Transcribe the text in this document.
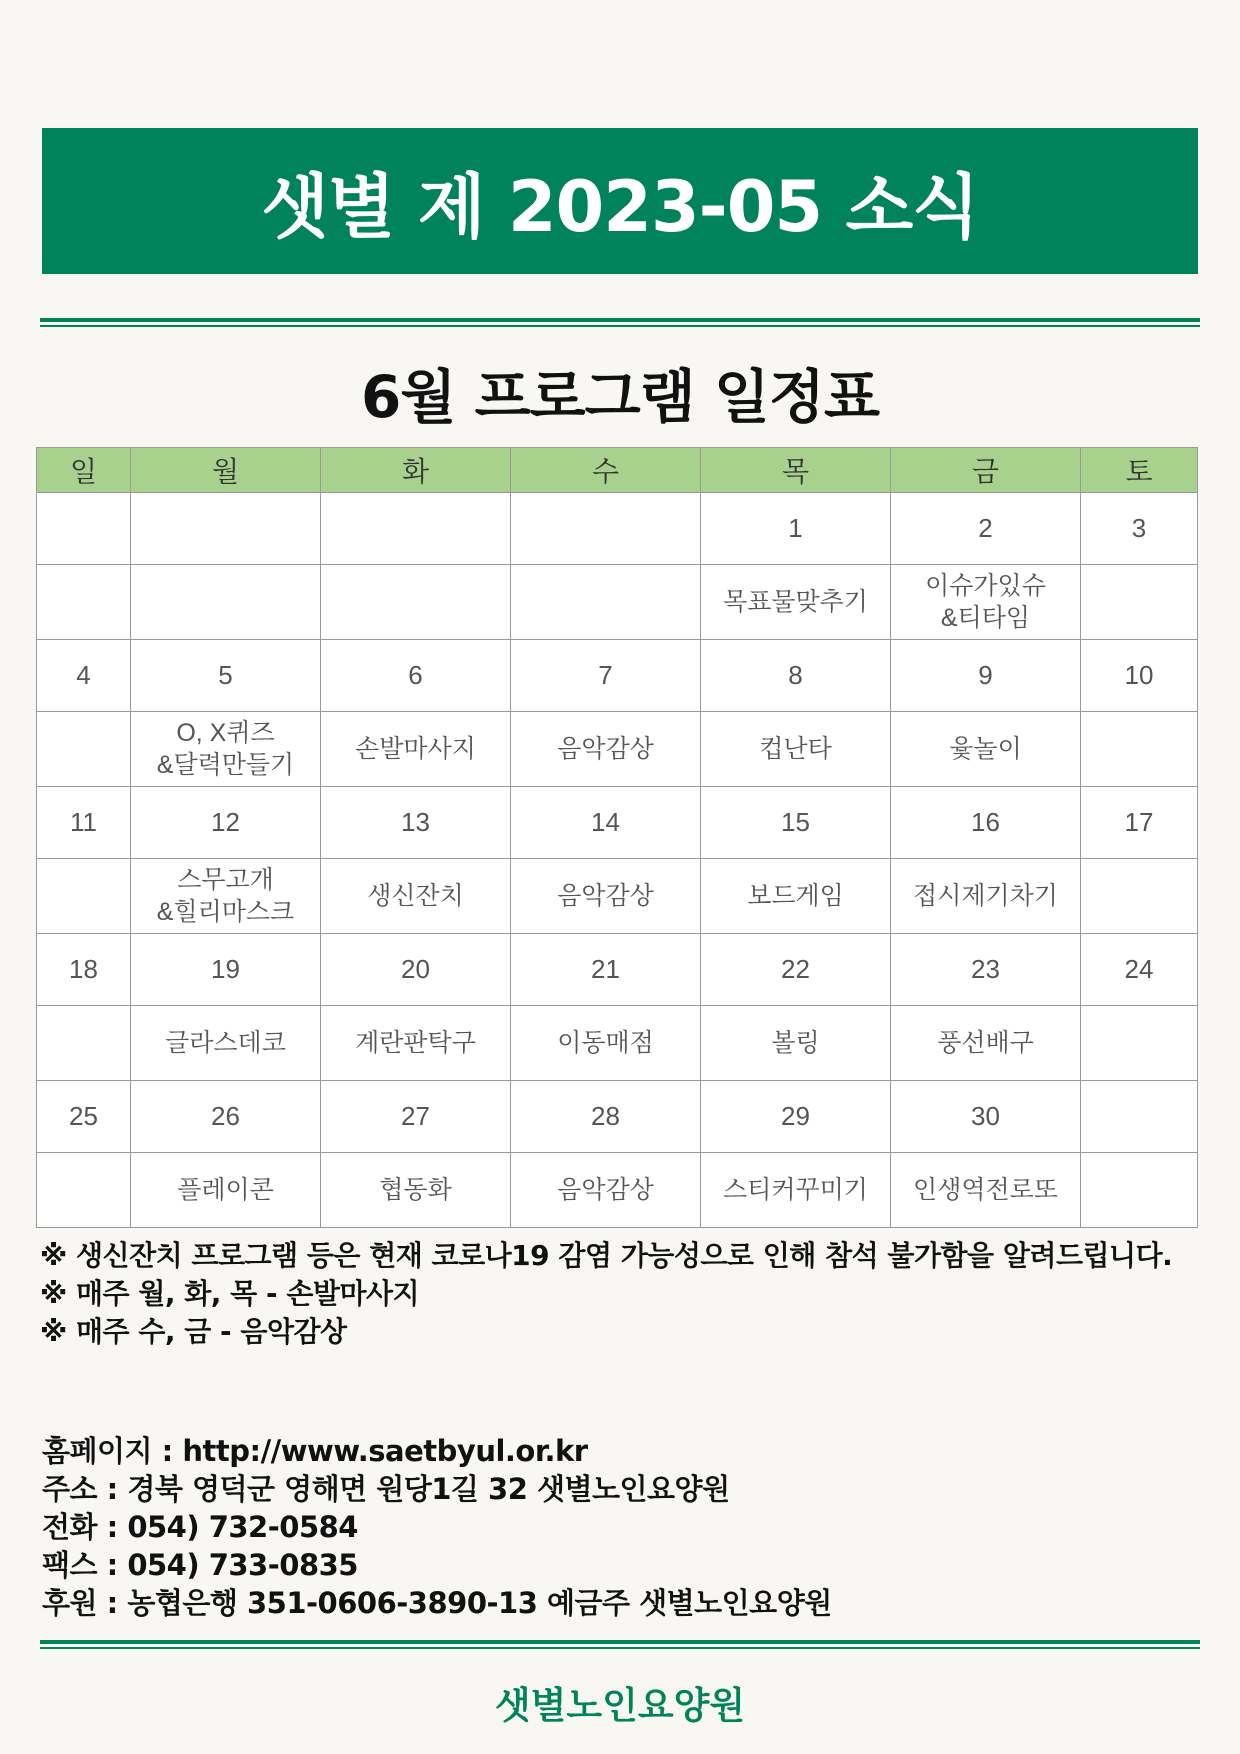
샛별 제 2023-05 소식
6월 프로그램 일정표
일	월	화	수	목	금	토
				1	2	3
				목표물맞추기	이슈가있슈
&티타임	
4	5	6	7	8	9	10
	O, X퀴즈
&달력만들기	손발마사지	음악감상	컵난타	윷놀이	
11	12	13	14	15	16	17
	스무고개
&힐리마스크	생신잔치	음악감상	보드게임	접시제기차기	
18	19	20	21	22	23	24
	글라스데코	계란판탁구	이동매점	볼링	풍선배구	
25	26	27	28	29	30	
	플레이콘	협동화	음악감상	스티커꾸미기	인생역전로또	
※ 생신잔치 프로그램 등은 현재 코로나19 감염 가능성으로 인해 참석 불가함을 알려드립니다.
※ 매주 월, 화, 목 - 손발마사지
※ 매주 수, 금 - 음악감상
홈페이지 : http://www.saetbyul.or.kr
주소 : 경북 영덕군 영해면 원당1길 32 샛별노인요양원
전화 : 054) 732-0584
팩스 : 054) 733-0835
후원 : 농협은행 351-0606-3890-13 예금주 샛별노인요양원
샛별노인요양원
